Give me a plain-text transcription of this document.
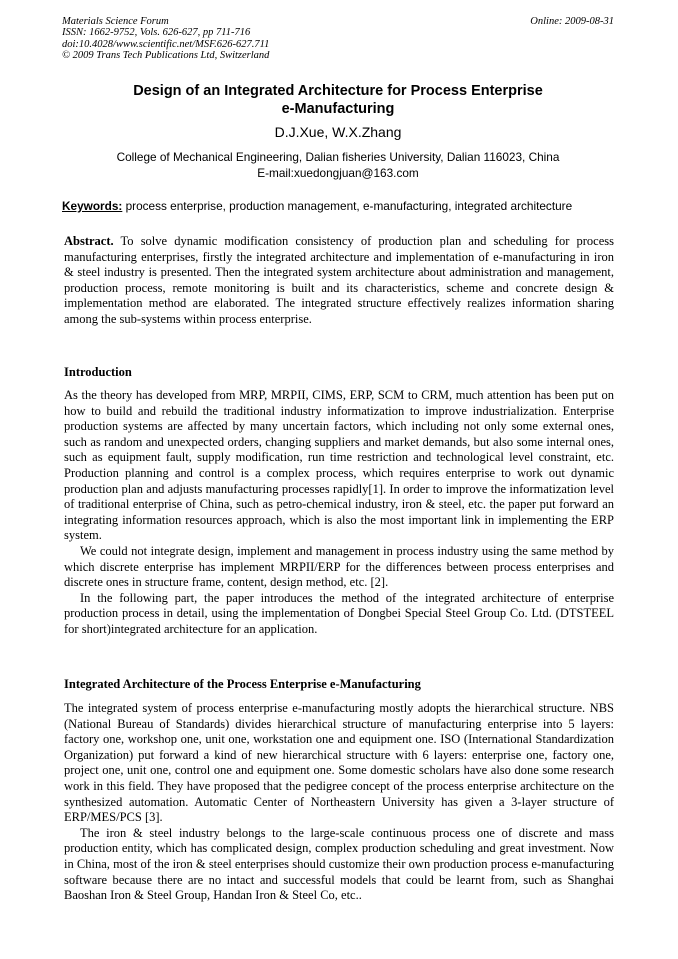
Materials Science Forum
ISSN: 1662-9752, Vols. 626-627, pp 711-716
doi:10.4028/www.scientific.net/MSF.626-627.711
© 2009 Trans Tech Publications Ltd, Switzerland
Online: 2009-08-31
Design of an Integrated Architecture for Process Enterprise
e-Manufacturing
D.J.Xue, W.X.Zhang
College of Mechanical Engineering, Dalian fisheries University, Dalian 116023, China
E-mail:xuedongjuan@163.com
Keywords: process enterprise, production management, e-manufacturing, integrated architecture

Abstract. To solve dynamic modification consistency of production plan and scheduling for process manufacturing enterprises, firstly the integrated architecture and implementation of e-manufacturing in iron & steel industry is presented. Then the integrated system architecture about administration and management, production process, remote monitoring is built and its characteristics, scheme and concrete design & implementation method are elaborated. The integrated structure effectively realizes information sharing among the sub-systems within process enterprise.

Introduction

As the theory has developed from MRP, MRPII, CIMS, ERP, SCM to CRM, much attention has been put on how to build and rebuild the traditional industry informatization to improve industrialization. Enterprise production systems are affected by many uncertain factors, which including not only some external ones, such as random and unexpected orders, changing suppliers and market demands, but also some internal ones, such as equipment fault, supply modification, run time restriction and technological level constraint, etc. Production planning and control is a complex process, which requires enterprise to work out dynamic production plan and adjusts manufacturing processes rapidly[1]. In order to improve the informatization level of traditional enterprise of China, such as petro-chemical industry, iron & steel, etc. the paper put forward an integrating information resources approach, which is also the most important link in implementing the ERP system.

We could not integrate design, implement and management in process industry using the same method by which discrete enterprise has implement MRPII/ERP for the differences between process enterprises and discrete ones in structure frame, content, design method, etc. [2].

In the following part, the paper introduces the method of the integrated architecture of enterprise production process in detail, using the implementation of Dongbei Special Steel Group Co. Ltd. (DTSTEEL for short)integrated architecture for an application.

Integrated Architecture of the Process Enterprise e-Manufacturing

The integrated system of process enterprise e-manufacturing mostly adopts the hierarchical structure. NBS (National Bureau of Standards) divides hierarchical structure of manufacturing enterprise into 5 layers: factory one, workshop one, unit one, workstation one and equipment one. ISO (International Standardization Organization) put forward a kind of new hierarchical structure with 6 layers: enterprise one, factory one, project one, unit one, control one and equipment one. Some domestic scholars have also done some research work in this field. They have proposed that the pedigree concept of the process enterprise architecture on the synthesized automation. Automatic Center of Northeastern University has given a 3-layer structure of ERP/MES/PCS [3].

The iron & steel industry belongs to the large-scale continuous process one of discrete and mass production entity, which has complicated design, complex production scheduling and great investment. Now in China, most of the iron & steel enterprises should customize their own production process e-manufacturing software because there are no intact and successful models that could be learnt from, such as Shanghai Baoshan Iron & Steel Group, Handan Iron & Steel Co, etc..
